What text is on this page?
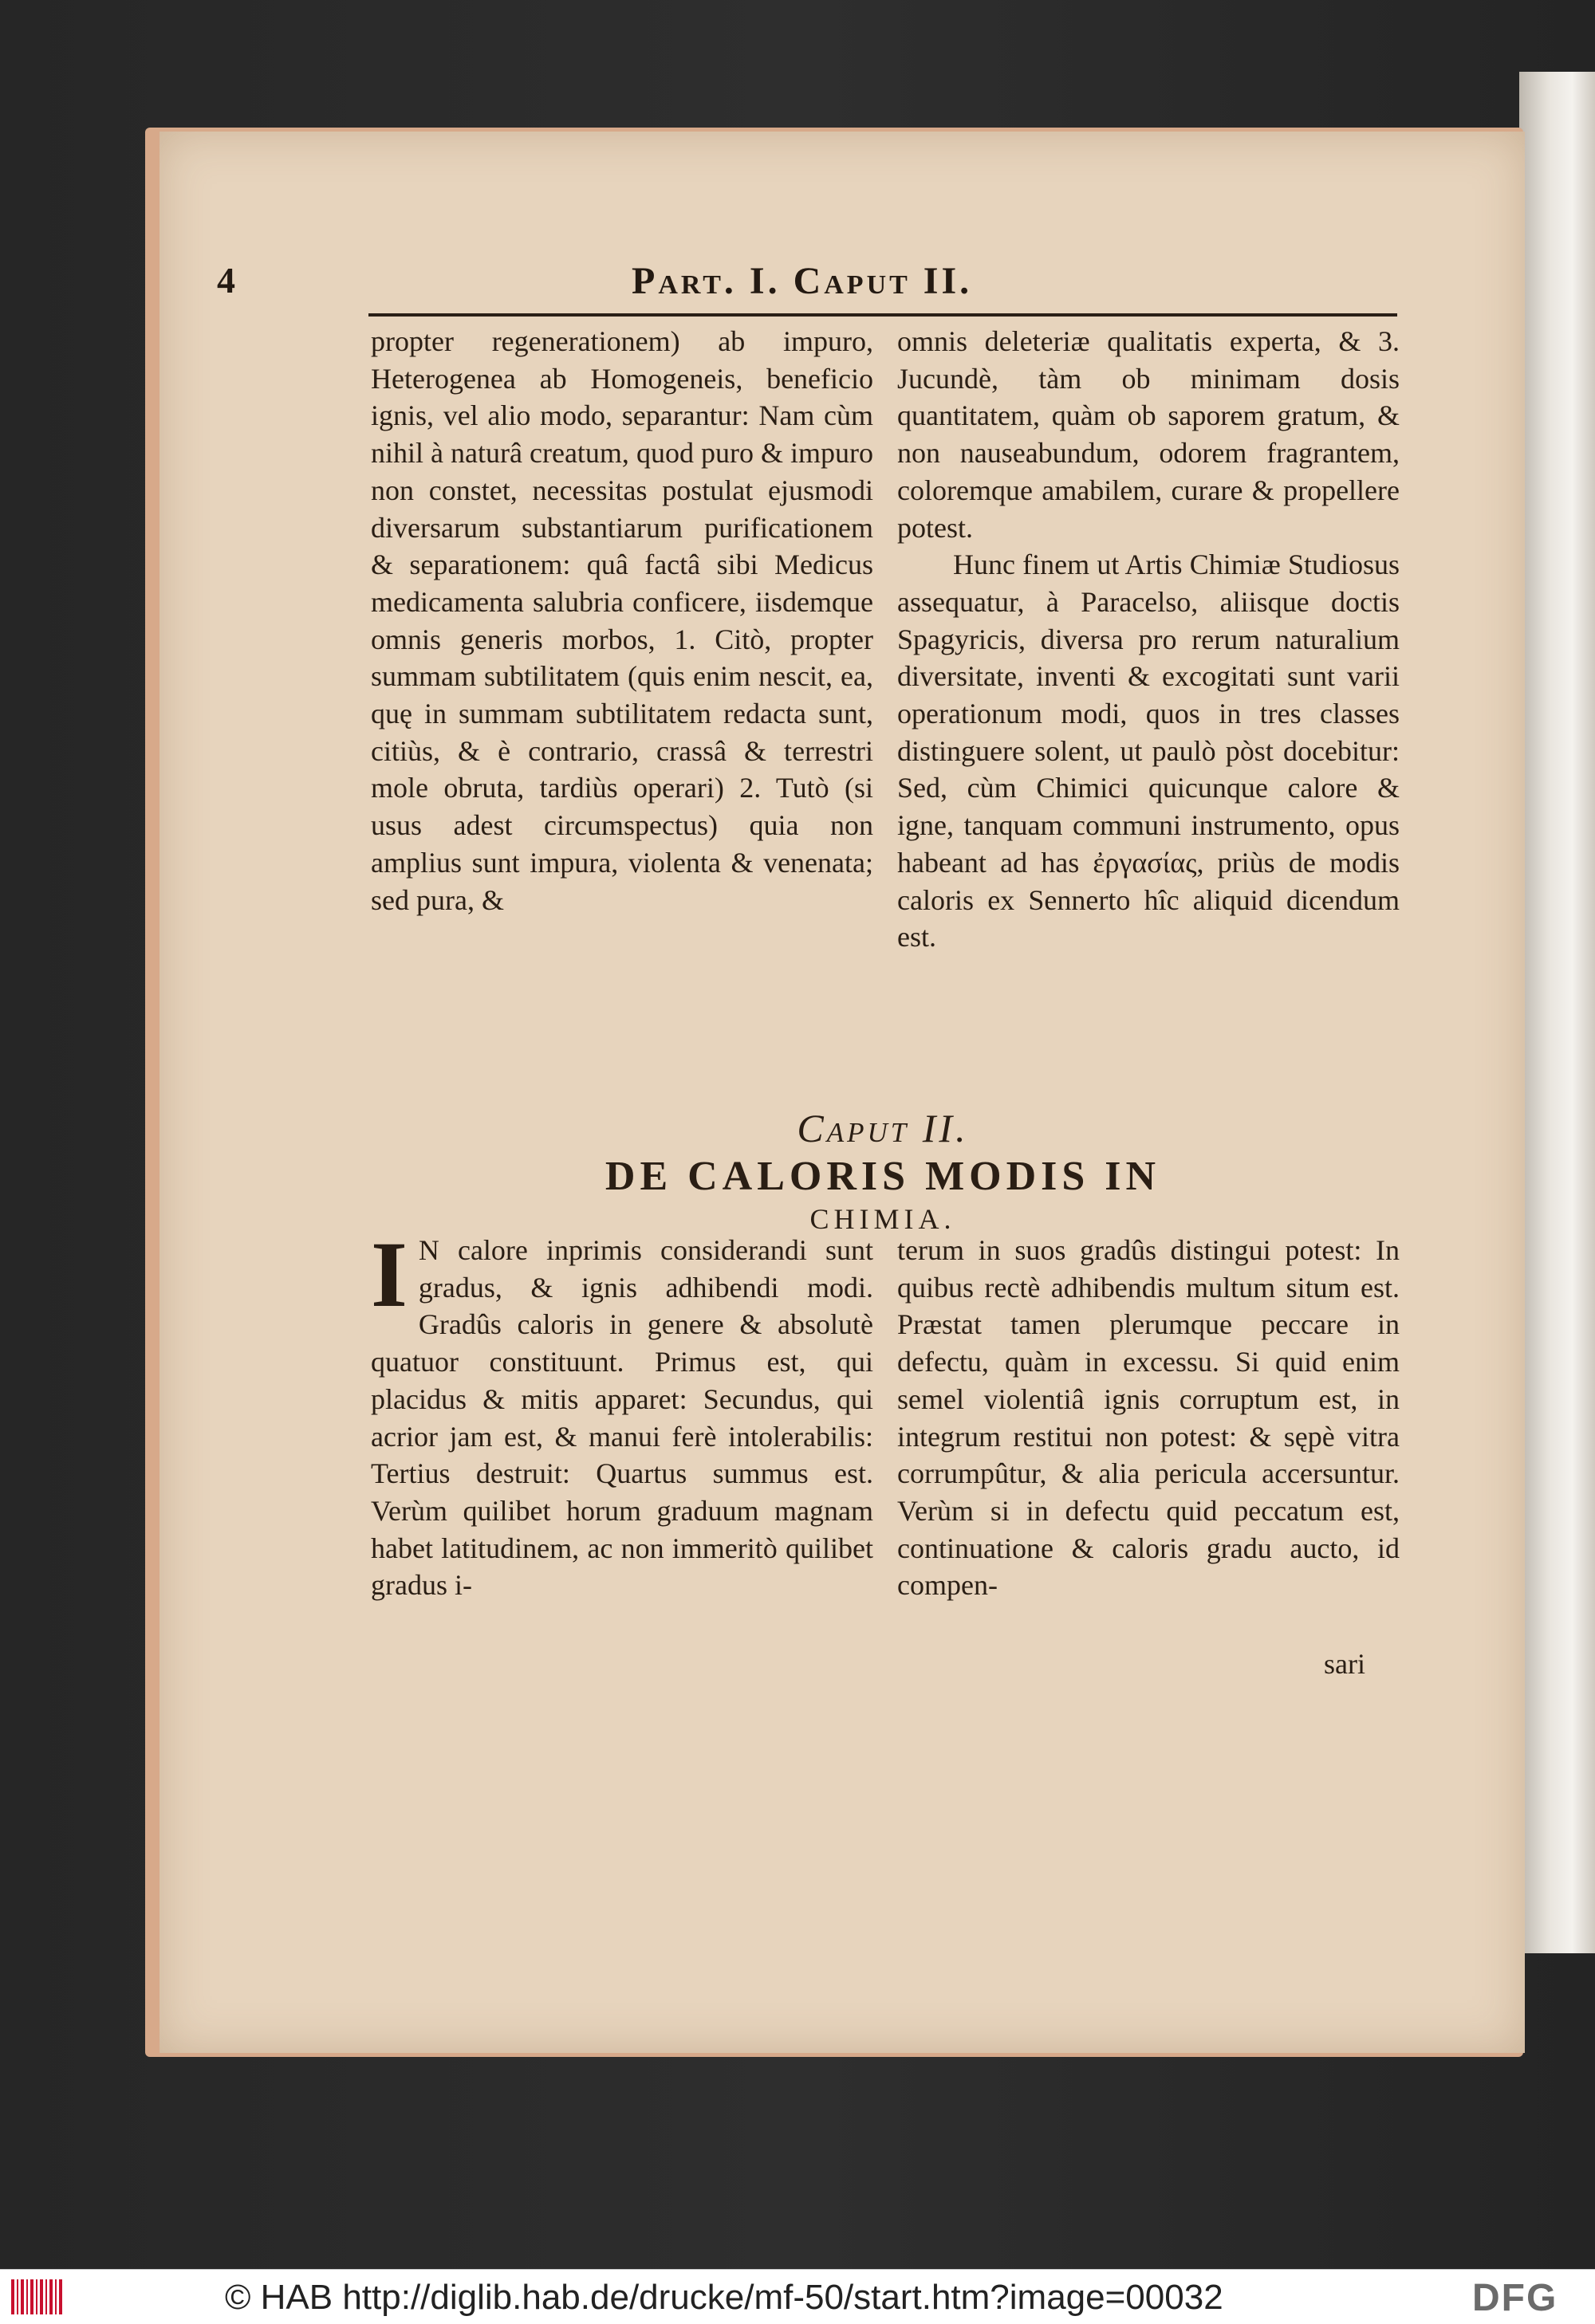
4	Part. I. Caput II.

propter regenerationem) ab impuro, Heterogenea ab Homogeneis, beneficio ignis, vel alio modo, separantur: Nam cùm nihil à naturâ creatum, quod puro & impuro non constet, necessitas postulat ejusmodi diversarum substantiarum purificationem & separationem: quâ factâ sibi Medicus medicamenta salubria conficere, iisdemque omnis generis morbos, 1. Citò, propter summam subtilitatem (quis enim nescit, ea, quę in summam subtilitatem redacta sunt, citiùs, & è contrario, crassâ & terrestri mole obruta, tardiùs operari) 2. Tutò (si usus adest circumspectus) quia non amplius sunt impura, violenta & venenata; sed pura, &

omnis deleteriæ qualitatis experta, & 3. Jucundè, tàm ob minimam dosis quantitatem, quàm ob saporem gratum, & non nauseabundum, odorem fragrantem, coloremque amabilem, curare & propellere potest.

Hunc finem ut Artis Chimiæ Studiosus assequatur, à Paracelso, aliisque doctis Spagyricis, diversa pro rerum naturalium diversitate, inventi & excogitati sunt varii operationum modi, quos in tres classes distinguere solent, ut paulò pòst docebitur: Sed, cùm Chimici quicunque calore & igne, tanquam communi instrumento, opus habeant ad has ἐργασίας, priùs de modis caloris ex Sennerto hîc aliquid dicendum est.

Caput II.
DE CALORIS MODIS IN
CHIMIA.
I N calore inprimis considerandi sunt gradus, & ignis adhibendi modi. Gradûs caloris in genere & absolutè quatuor constituunt. Primus est, qui placidus & mitis apparet: Secundus, qui acrior jam est, & manui ferè intolerabilis: Tertius destruit: Quartus summus est. Verùm quilibet horum graduum magnam habet latitudinem, ac non immeritò quilibet gradus i-

terum in suos gradûs distingui potest: In quibus rectè adhibendis multum situm est. Præstat tamen plerumque peccare in defectu, quàm in excessu. Si quid enim semel violentiâ ignis corruptum est, in integrum restitui non potest: & sępè vitra corrumpûtur, & alia pericula accersuntur. Verùm si in defectu quid peccatum est, continuatione & caloris gradu aucto, id compen-

sari
© HAB http://diglib.hab.de/drucke/mf-50/start.htm?image=00032	DFG
